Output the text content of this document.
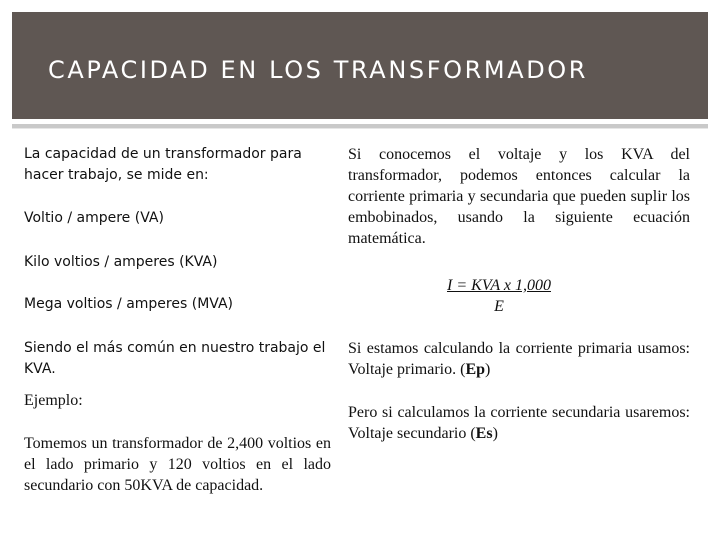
CAPACIDAD EN LOS TRANSFORMADOR

La capacidad de un transformador para hacer trabajo, se mide en:

Voltio / ampere (VA)

Kilo voltios / amperes (KVA)

Mega voltios / amperes (MVA)

Siendo el más común en nuestro trabajo el KVA.

Ejemplo:

Tomemos un transformador de 2,400 voltios en el lado primario y 120 voltios en el lado secundario con 50KVA de capacidad.

Si conocemos el voltaje y los KVA del transformador, podemos entonces calcular la corriente primaria y secundaria que pueden suplir los embobinados, usando la siguiente ecuación matemática.

I = KVA x 1,000
E

Si estamos calculando la corriente primaria usamos: Voltaje primario. (Ep)

Pero si calculamos la corriente secundaria usaremos: Voltaje secundario (Es)
